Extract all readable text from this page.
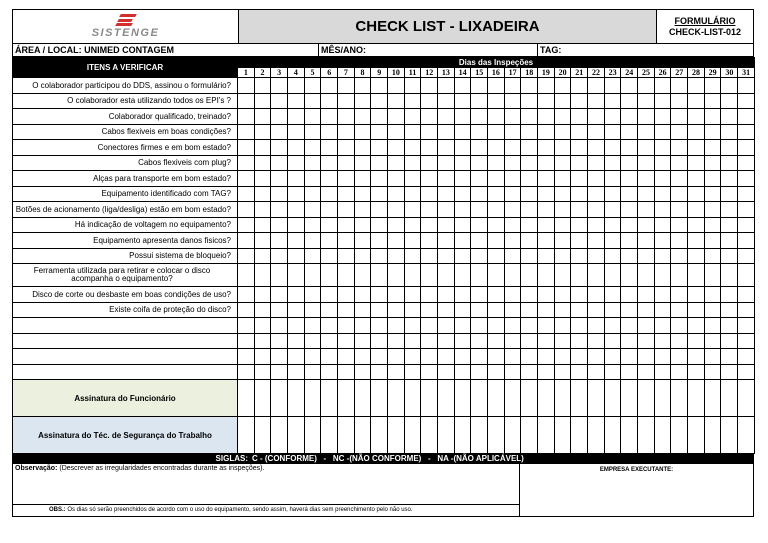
SISTENGE	CHECK LIST - LIXADEIRA	FORMULÁRIO
CHECK-LIST-012
ÁREA / LOCAL: UNIMED CONTAGEM	MÊS/ANO:	TAG:
ITENS A VERIFICAR	Dias das Inspeções																														
	1	2	3	4	5	6	7	8	9	10	11	12	13	14	15	16	17	18	19	20	21	22	23	24	25	26	27	28	29	30	31
O colaborador participou do DDS, assinou o formulário?																															
O colaborador esta utilizando todos os EPI's ?																															
Colaborador qualificado, treinado?																															
Cabos flexiveis em boas condições?																															
Conectores firmes e em bom estado?																															
Cabos flexiveis com plug?																															
Alças para transporte em bom estado?																															
Equipamento identificado com TAG?																															
Botões de acionamento (liga/desliga) estão em bom estado?																															
Há indicação de voltagem no equipamento?																															
Equipamento apresenta danos fisicos?																															
Possui sistema de bloqueio?																															
Ferramenta utilizada para retirar e colocar o disco acompanha o equipamento?																															
Disco de corte ou desbaste em boas condições de uso?																															
Existe coifa de proteção do disco?																															

Assinatura do Funcionário																															
Assinatura do Téc. de Segurança do Trabalho																															
SIGLAS: C - (CONFORME)   -   NC -(NÃO CONFORME)   -   NA -(NÃO APLICÁVEL)
Observação: (Descrever as irregularidades encontradas durante as inspeções).
OBS.: Os dias só serão preenchidos de acordo com o uso do equipamento, sendo assim, haverá dias sem preenchimento pelo não uso.
EMPRESA EXECUTANTE:
